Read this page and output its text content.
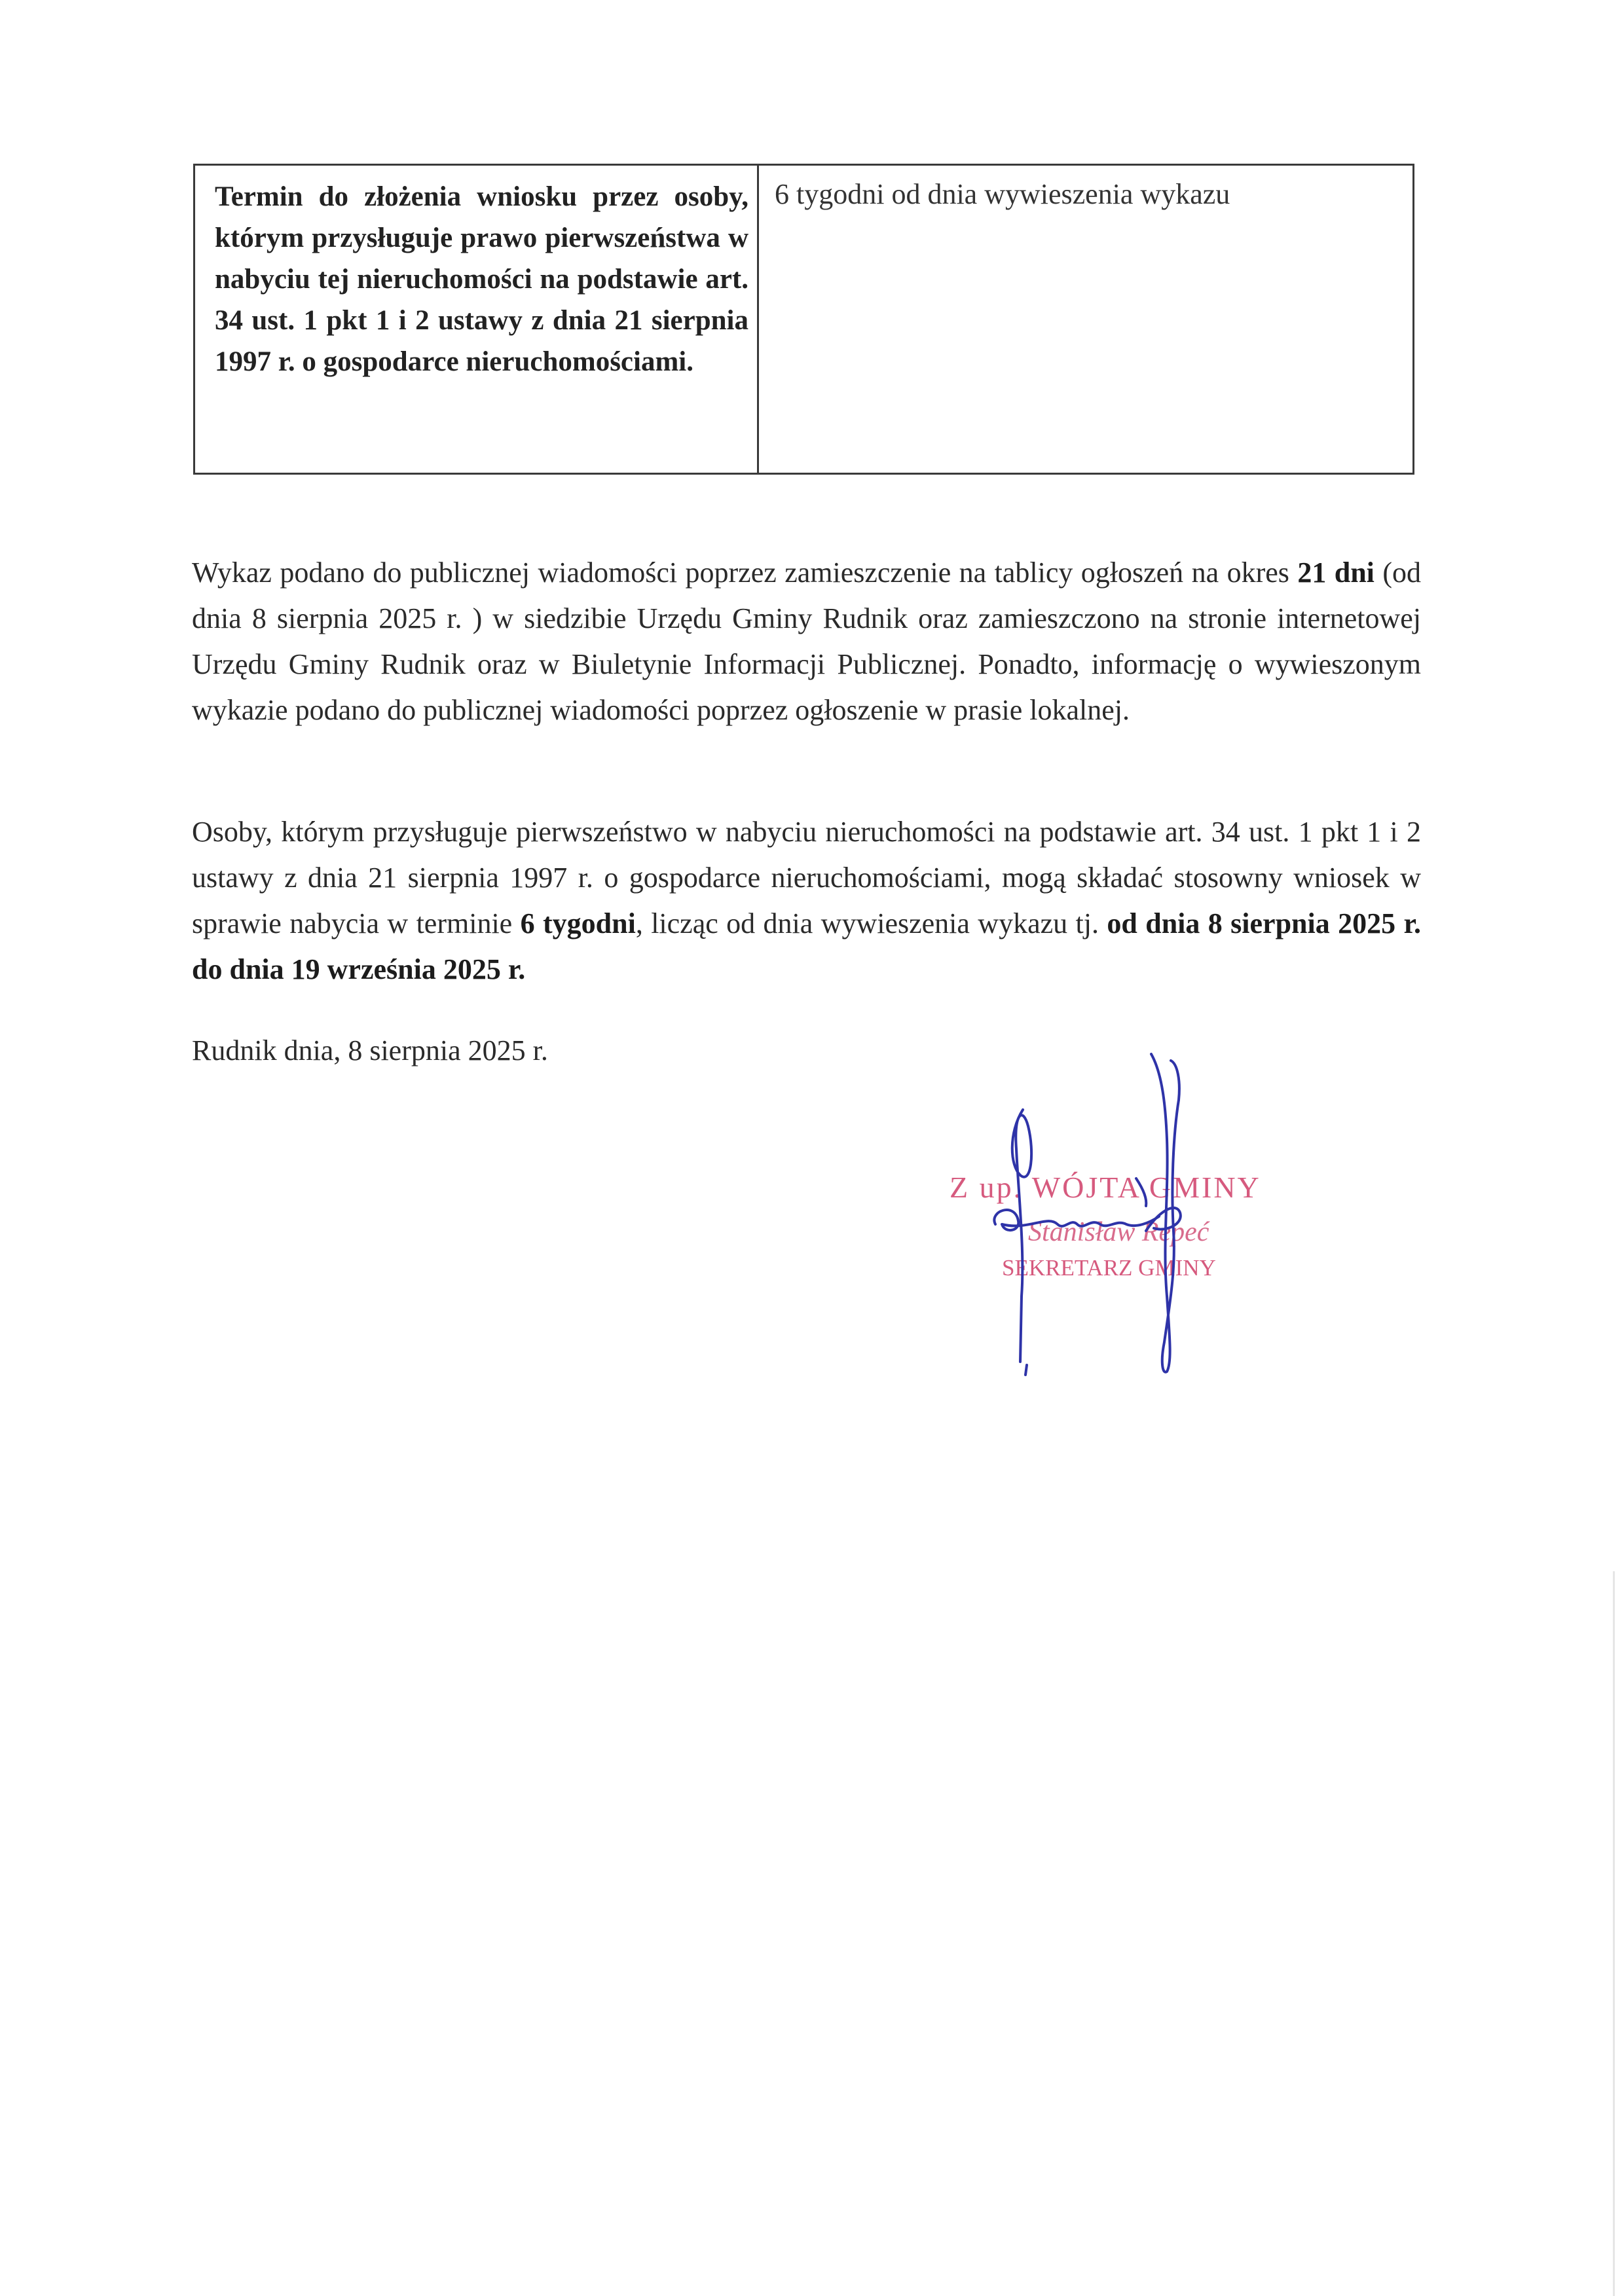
Termin do złożenia wniosku przez osoby, którym przysługuje prawo pierwszeństwa w nabyciu tej nieruchomości na podstawie art. 34 ust. 1 pkt 1 i 2 ustawy z dnia 21 sierpnia 1997 r. o gospodarce nieruchomościami.
6 tygodni od dnia wywieszenia wykazu

Wykaz podano do publicznej wiadomości poprzez zamieszczenie na tablicy ogłoszeń na okres 21 dni (od dnia 8 sierpnia 2025 r. ) w siedzibie Urzędu Gminy Rudnik oraz zamieszczono na stronie internetowej Urzędu Gminy Rudnik oraz w Biuletynie Informacji Publicznej. Ponadto, informację o wywieszonym wykazie podano do publicznej wiadomości poprzez ogłoszenie w prasie lokalnej.

Osoby, którym przysługuje pierwszeństwo w nabyciu nieruchomości na podstawie art. 34 ust. 1 pkt 1 i 2 ustawy z dnia 21 sierpnia 1997 r. o gospodarce nieruchomościami, mogą składać stosowny wniosek w sprawie nabycia w terminie 6 tygodni, licząc od dnia wywieszenia wykazu tj. od dnia 8 sierpnia 2025 r. do dnia 19 września 2025 r.

Rudnik dnia, 8 sierpnia 2025 r.
Z up. WÓJTA GMINY
Stanisław Repeć
SEKRETARZ GMINY
